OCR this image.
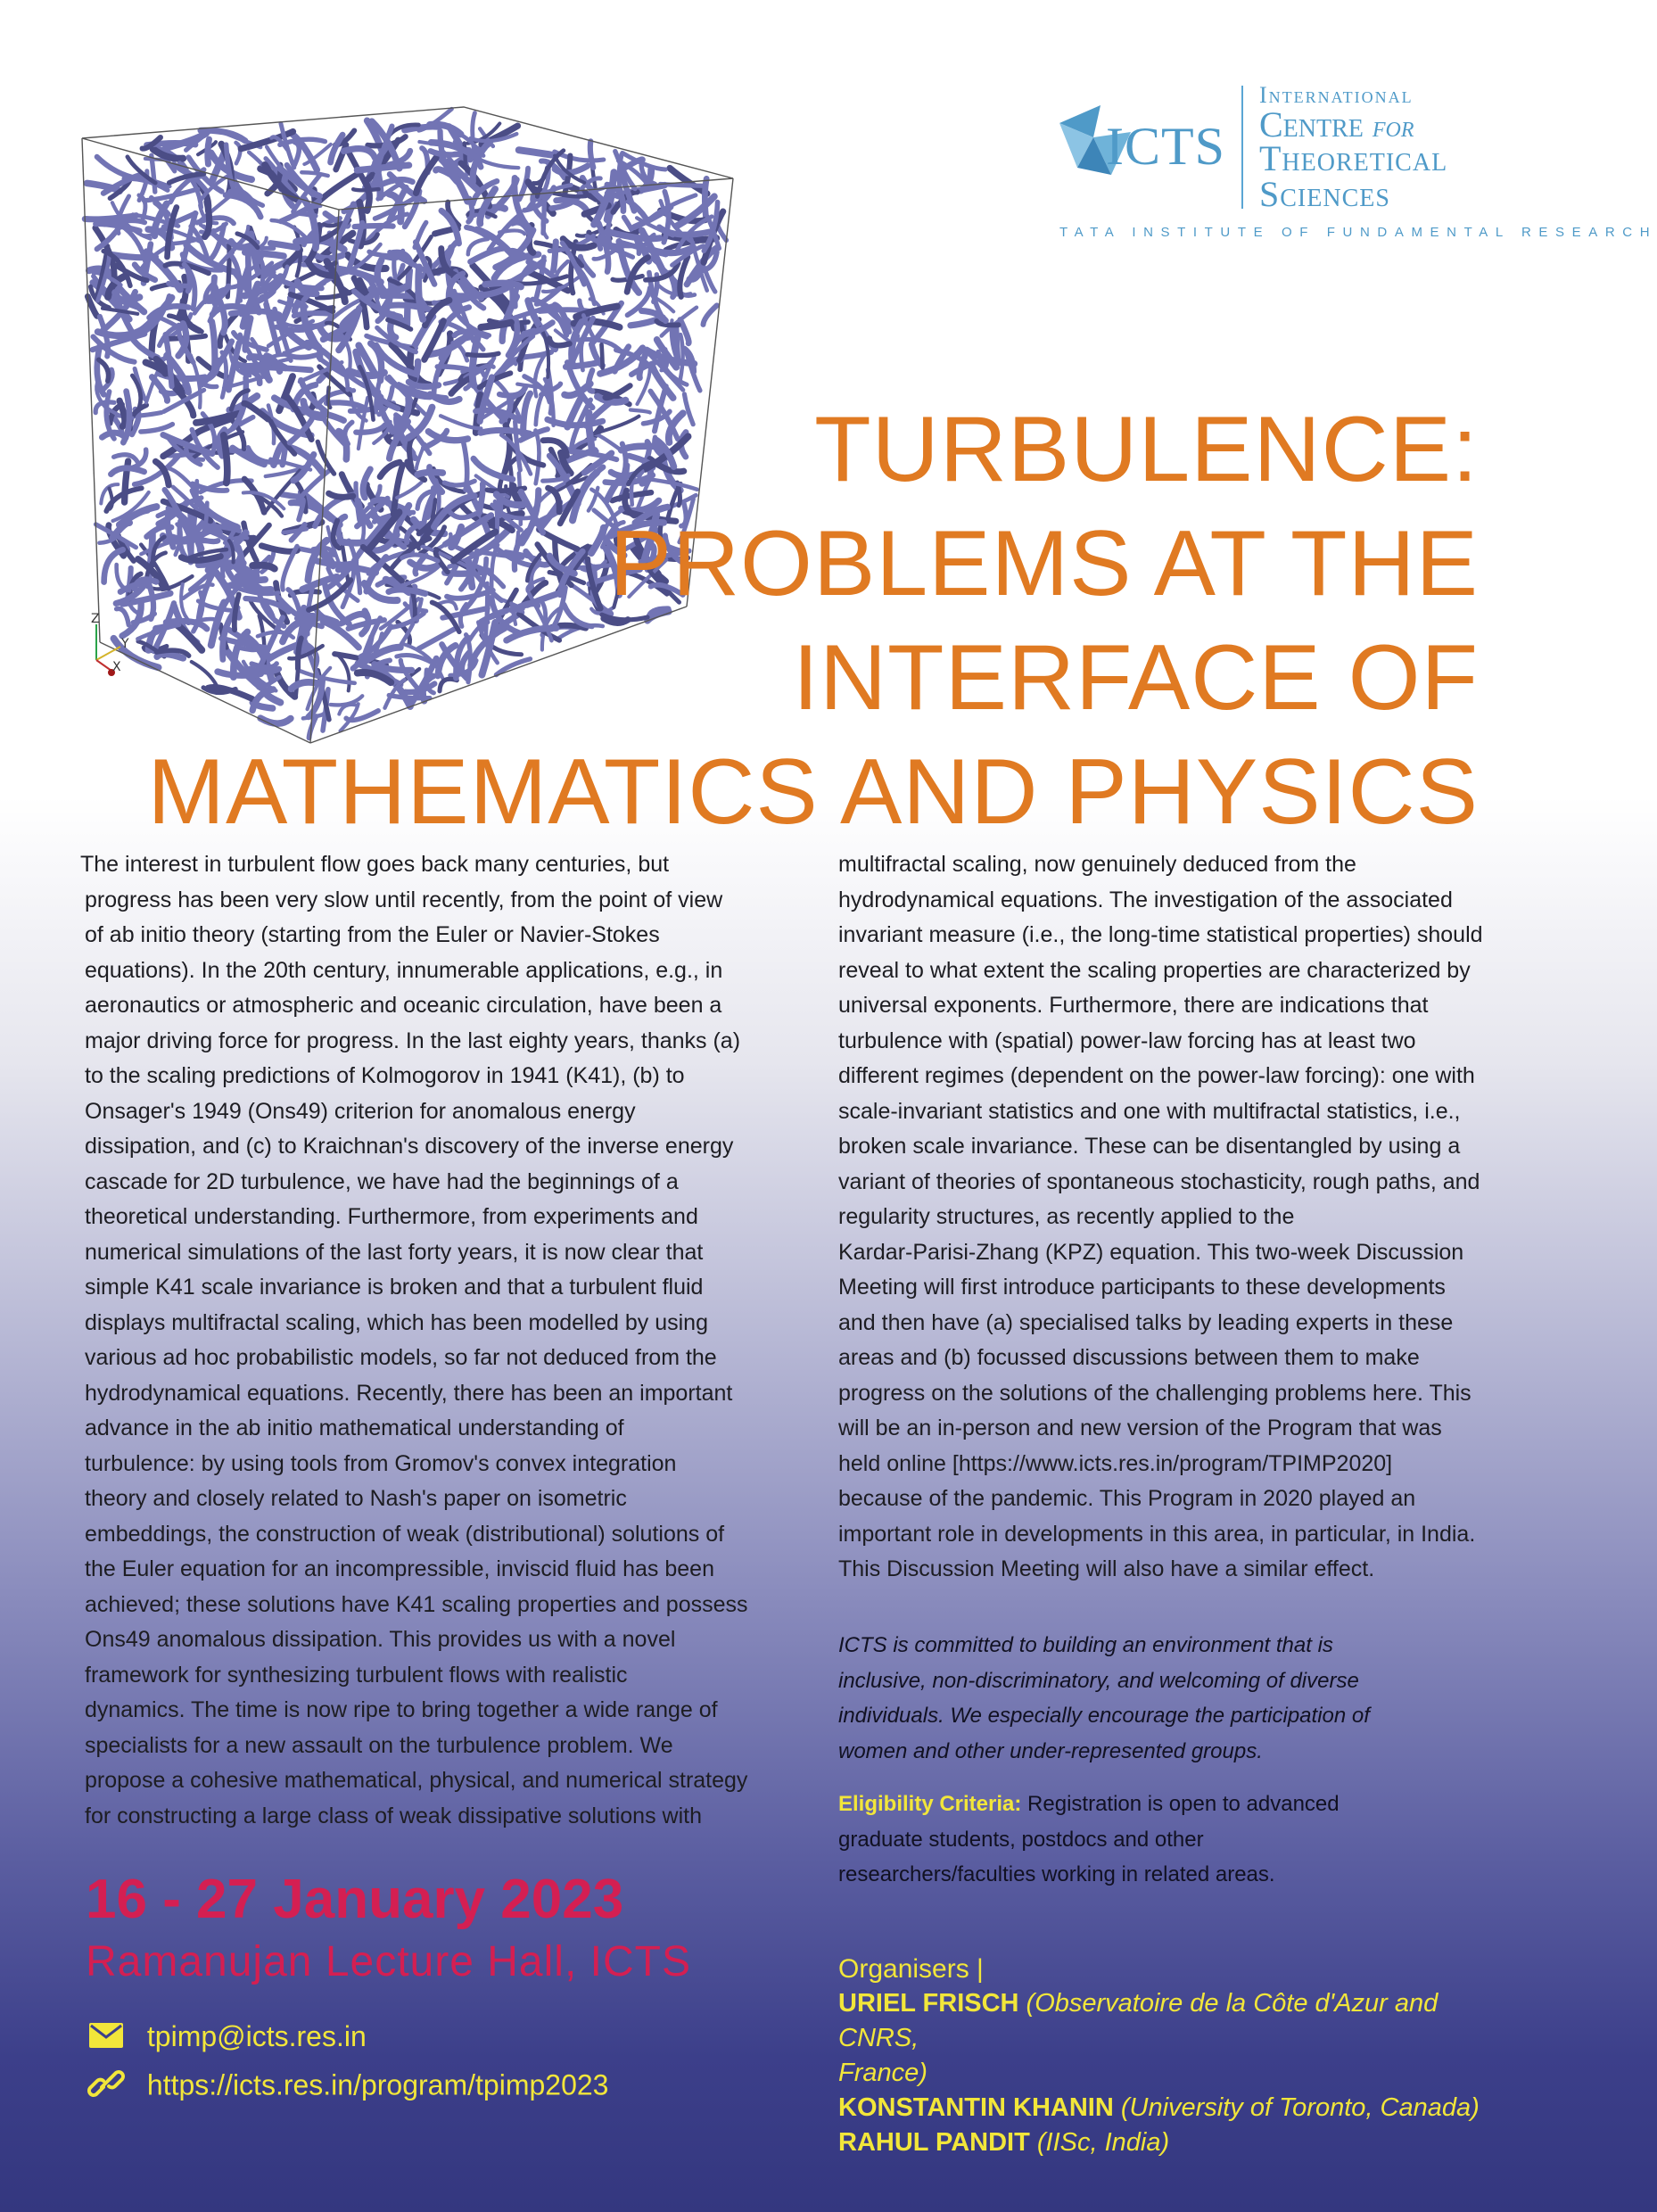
Z
Y
X
ICTS
International
Centre for
Theoretical
Sciences
TATA INSTITUTE OF FUNDAMENTAL RESEARCH
TURBULENCE:
PROBLEMS AT THE
INTERFACE OF
MATHEMATICS AND PHYSICS
The interest in turbulent flow goes back many centuries, but
progress has been very slow until recently, from the point of view
of ab initio theory (starting from the Euler or Navier-Stokes
equations). In the 20th century, innumerable applications, e.g., in
aeronautics or atmospheric and oceanic circulation, have been a
major driving force for progress. In the last eighty years, thanks (a)
to the scaling predictions of Kolmogorov in 1941 (K41), (b) to
Onsager's 1949 (Ons49) criterion for anomalous energy
dissipation, and (c) to Kraichnan's discovery of the inverse energy
cascade for 2D turbulence, we have had the beginnings of a
theoretical understanding. Furthermore, from experiments and
numerical simulations of the last forty years, it is now clear that
simple K41 scale invariance is broken and that a turbulent fluid
displays multifractal scaling, which has been modelled by using
various ad hoc probabilistic models, so far not deduced from the
hydrodynamical equations. Recently, there has been an important
advance in the ab initio mathematical understanding of
turbulence: by using tools from Gromov's convex integration
theory and closely related to Nash's paper on isometric
embeddings, the construction of weak (distributional) solutions of
the Euler equation for an incompressible, inviscid fluid has been
achieved; these solutions have K41 scaling properties and possess
Ons49 anomalous dissipation. This provides us with a novel
framework for synthesizing turbulent flows with realistic
dynamics. The time is now ripe to bring together a wide range of
specialists for a new assault on the turbulence problem. We
propose a cohesive mathematical, physical, and numerical strategy
for constructing a large class of weak dissipative solutions with
multifractal scaling, now genuinely deduced from the
hydrodynamical equations. The investigation of the associated
invariant measure (i.e., the long-time statistical properties) should
reveal to what extent the scaling properties are characterized by
universal exponents. Furthermore, there are indications that
turbulence with (spatial) power-law forcing has at least two
different regimes (dependent on the power-law forcing): one with
scale-invariant statistics and one with multifractal statistics, i.e.,
broken scale invariance. These can be disentangled by using a
variant of theories of spontaneous stochasticity, rough paths, and
regularity structures, as recently applied to the
Kardar-Parisi-Zhang (KPZ) equation. This two-week Discussion
Meeting will first introduce participants to these developments
and then have (a) specialised talks by leading experts in these
areas and (b) focussed discussions between them to make
progress on the solutions of the challenging problems here. This
will be an in-person and new version of the Program that was
held online [https://www.icts.res.in/program/TPIMP2020]
because of the pandemic. This Program in 2020 played an
important role in developments in this area, in particular, in India.
This Discussion Meeting will also have a similar effect.
ICTS is committed to building an environment that is
inclusive, non-discriminatory, and welcoming of diverse
individuals. We especially encourage the participation of
women and other under-represented groups.
Eligibility Criteria: Registration is open to advanced
graduate students, postdocs and other
researchers/faculties working in related areas.
16 - 27 January 2023
Ramanujan Lecture Hall, ICTS
tpimp@icts.res.in
https://icts.res.in/program/tpimp2023
Organisers |
URIEL FRISCH (Observatoire de la Côte d'Azur and CNRS,
France)
KONSTANTIN KHANIN (University of Toronto, Canada)
RAHUL PANDIT (IISc, India)
